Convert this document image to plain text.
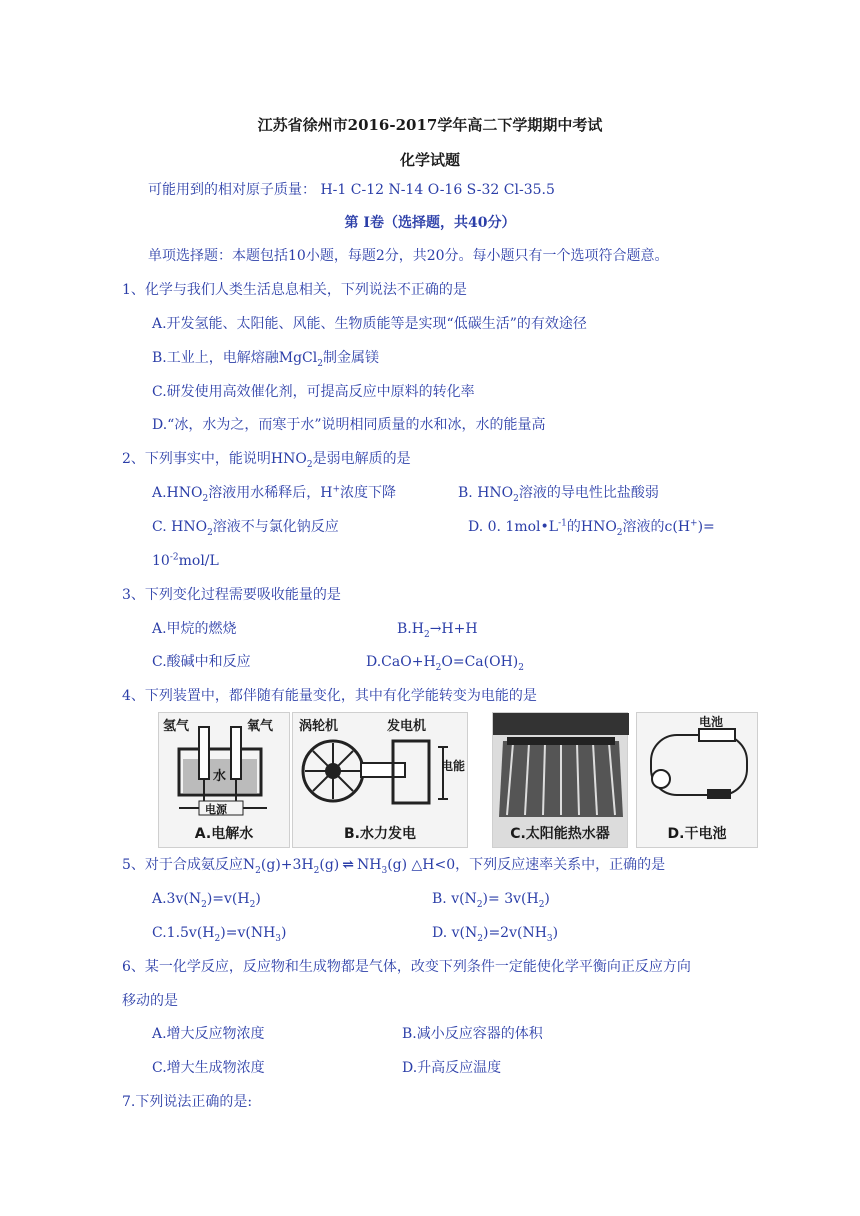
江苏省徐州市2016-2017学年高二下学期期中考试
化学试题
可能用到的相对原子质量： H-1 C-12 N-14 O-16 S-32 Cl-35.5
第 I卷（选择题，共40分）
单项选择题：本题包括10小题，每题2分，共20分。每小题只有一个选项符合题意。
1、化学与我们人类生活息息相关，下列说法不正确的是
A.开发氢能、太阳能、风能、生物质能等是实现“低碳生活”的有效途径
B.工业上，电解熔融MgCl$_2$制金属镁
C.研发使用高效催化剂，可提高反应中原料的转化率
D.“冰，水为之，而寒于水”说明相同质量的水和冰，水的能量高
2、下列事实中，能说明$HNO_2$是弱电解质的是
$A.HNO_2$溶液用水稀释后，H+浓度下降	B. $HNO_2$溶液的导电性比盐酸弱
C. $HNO_2$溶液不与氯化钠反应	D. 0. $1mol•L^{-1}$的$HNO_2$溶液的c(H+)=
$10^{-2}mol/L$
3、下列变化过程需要吸收能量的是
A.甲烷的燃烧	$B.H_2\to H+H$
C.酸碱中和反应	$D.CaO+H_2O=Ca(OH)_2$
4、下列装置中，都伴随有能量变化，其中有化学能转变为电能的是
氢气	氧气
水
电源
A.电解水
涡轮机	发电机
电能
B.水力发电	C.太阳能热水器
电池
D.干电池
5、对于合成氨反应$N_2(g)+3H_2(g)$ ⇌ $NH_3(g)$ △H<0，下列反应速率关系中，正确的是
$A.3v(N_2)=v(H_2)$	B. $v(N_2)= 3v(H_2)$
$C.1.5v(H_2)=v(NH_3)$	D. $v(N_2)=2v(NH_3)$
6、某一化学反应，反应物和生成物都是气体，改变下列条件一定能使化学平衡向正反应方向
移动的是
A.增大反应物浓度	B.减小反应容器的体积
C.增大生成物浓度	D.升高反应温度
7.下列说法正确的是:
